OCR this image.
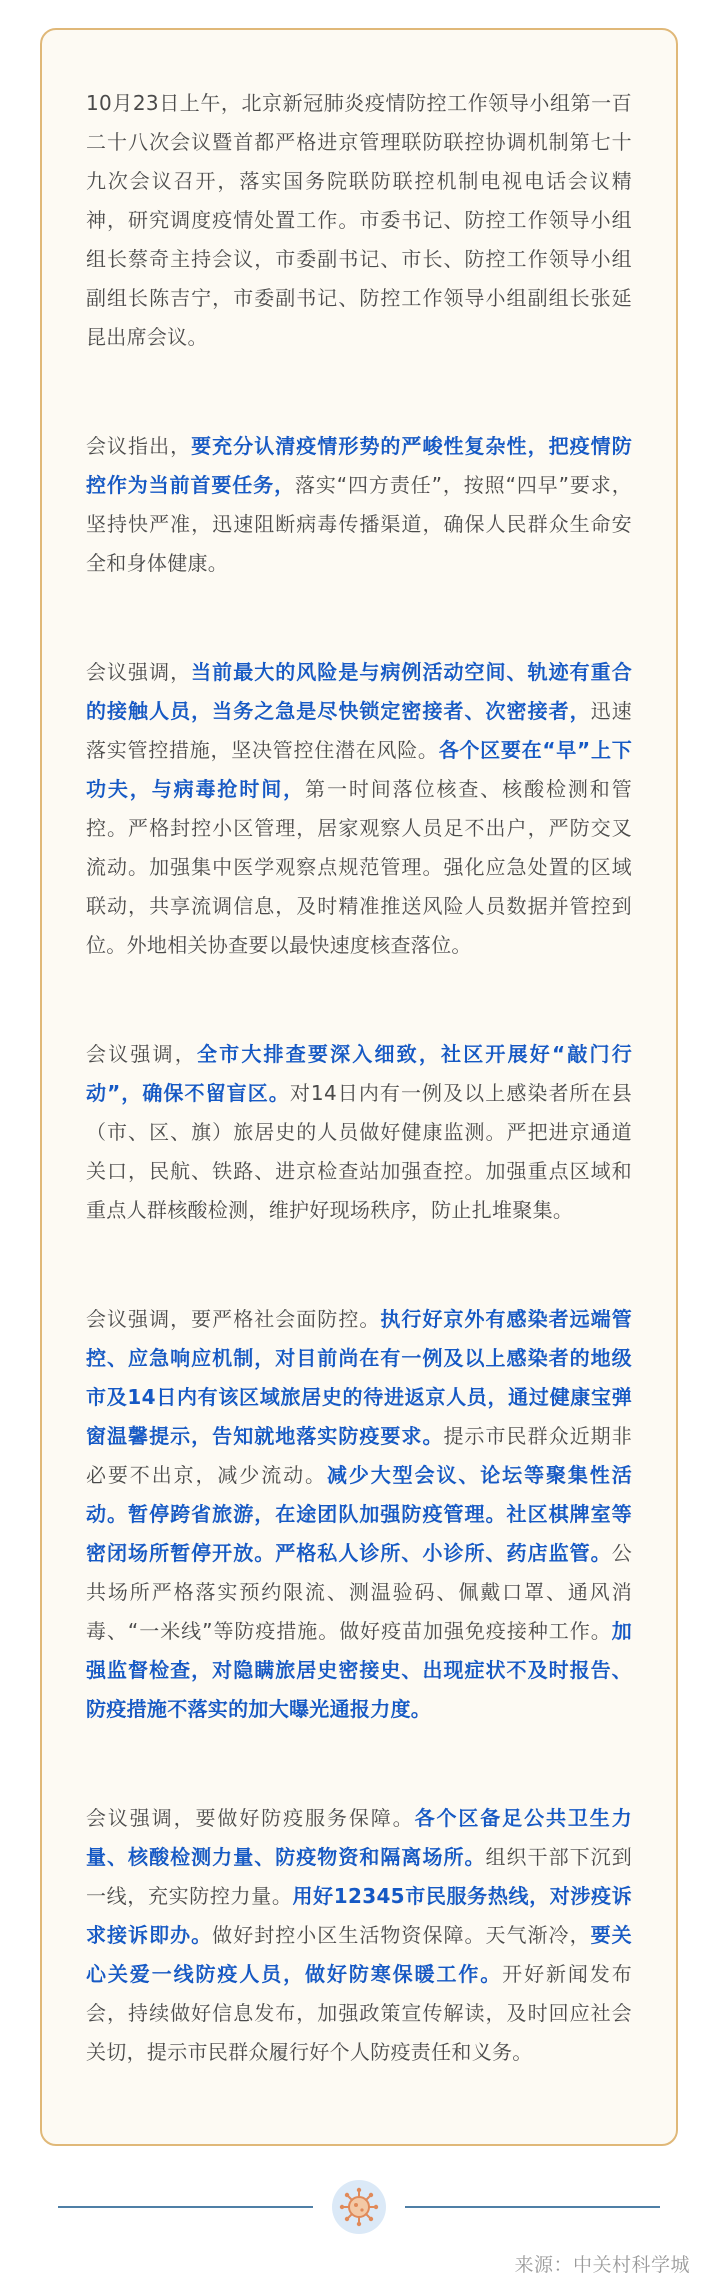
10月23日上午，北京新冠肺炎疫情防控工作领导小组第一百二十八次会议暨首都严格进京管理联防联控协调机制第七十九次会议召开，落实国务院联防联控机制电视电话会议精神，研究调度疫情处置工作。市委书记、防控工作领导小组组长蔡奇主持会议，市委副书记、市长、防控工作领导小组副组长陈吉宁，市委副书记、防控工作领导小组副组长张延昆出席会议。

会议指出，要充分认清疫情形势的严峻性复杂性，把疫情防控作为当前首要任务，落实“四方责任”，按照“四早”要求，坚持快严准，迅速阻断病毒传播渠道，确保人民群众生命安全和身体健康。

会议强调，当前最大的风险是与病例活动空间、轨迹有重合的接触人员，当务之急是尽快锁定密接者、次密接者，迅速落实管控措施，坚决管控住潜在风险。各个区要在“早”上下功夫，与病毒抢时间，第一时间落位核查、核酸检测和管控。严格封控小区管理，居家观察人员足不出户，严防交叉流动。加强集中医学观察点规范管理。强化应急处置的区域联动，共享流调信息，及时精准推送风险人员数据并管控到位。外地相关协查要以最快速度核查落位。

会议强调，全市大排查要深入细致，社区开展好“敲门行动”，确保不留盲区。对14日内有一例及以上感染者所在县（市、区、旗）旅居史的人员做好健康监测。严把进京通道关口，民航、铁路、进京检查站加强查控。加强重点区域和重点人群核酸检测，维护好现场秩序，防止扎堆聚集。

会议强调，要严格社会面防控。执行好京外有感染者远端管控、应急响应机制，对目前尚在有一例及以上感染者的地级市及14日内有该区域旅居史的待进返京人员，通过健康宝弹窗温馨提示，告知就地落实防疫要求。提示市民群众近期非必要不出京，减少流动。减少大型会议、论坛等聚集性活动。暂停跨省旅游，在途团队加强防疫管理。社区棋牌室等密闭场所暂停开放。严格私人诊所、小诊所、药店监管。公共场所严格落实预约限流、测温验码、佩戴口罩、通风消毒、“一米线”等防疫措施。做好疫苗加强免疫接种工作。加强监督检查，对隐瞒旅居史密接史、出现症状不及时报告、防疫措施不落实的加大曝光通报力度。

会议强调，要做好防疫服务保障。各个区备足公共卫生力量、核酸检测力量、防疫物资和隔离场所。组织干部下沉到一线，充实防控力量。用好12345市民服务热线，对涉疫诉求接诉即办。做好封控小区生活物资保障。天气渐冷，要关心关爱一线防疫人员，做好防寒保暖工作。开好新闻发布会，持续做好信息发布，加强政策宣传解读，及时回应社会关切，提示市民群众履行好个人防疫责任和义务。

来源：中关村科学城
